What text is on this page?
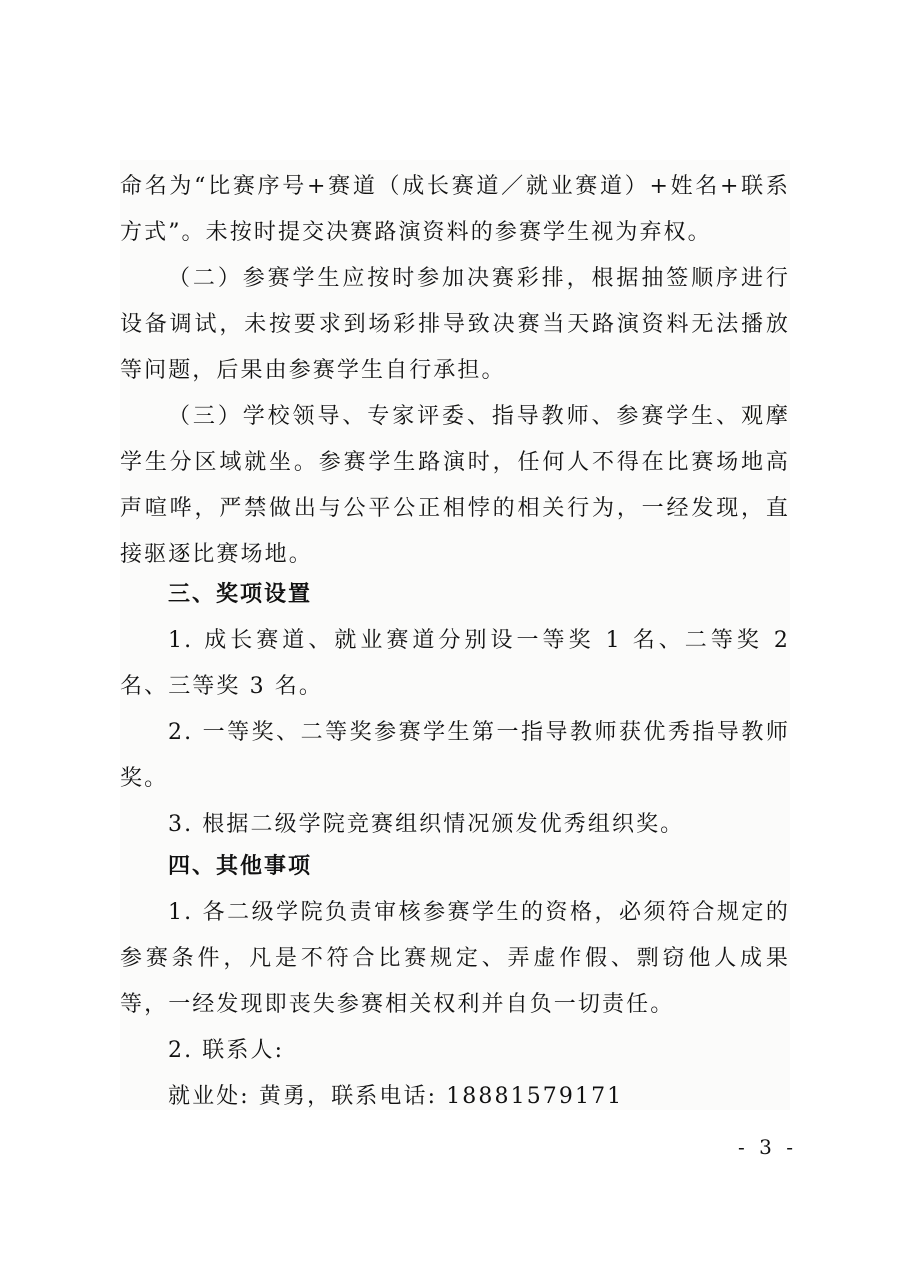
命名为“比赛序号+赛道（成长赛道／就业赛道）+姓名+联系方式”。未按时提交决赛路演资料的参赛学生视为弃权。

（二）参赛学生应按时参加决赛彩排，根据抽签顺序进行设备调试，未按要求到场彩排导致决赛当天路演资料无法播放等问题，后果由参赛学生自行承担。

（三）学校领导、专家评委、指导教师、参赛学生、观摩学生分区域就坐。参赛学生路演时，任何人不得在比赛场地高声喧哗，严禁做出与公平公正相悖的相关行为，一经发现，直接驱逐比赛场地。

三、奖项设置

1. 成长赛道、就业赛道分别设一等奖 1 名、二等奖 2 名、三等奖 3 名。

2. 一等奖、二等奖参赛学生第一指导教师获优秀指导教师奖。

3. 根据二级学院竞赛组织情况颁发优秀组织奖。

四、其他事项

1. 各二级学院负责审核参赛学生的资格，必须符合规定的参赛条件，凡是不符合比赛规定、弄虚作假、剽窃他人成果等，一经发现即丧失参赛相关权利并自负一切责任。

2. 联系人:

就业处: 黄勇，联系电话: 18881579171

- 3 -
